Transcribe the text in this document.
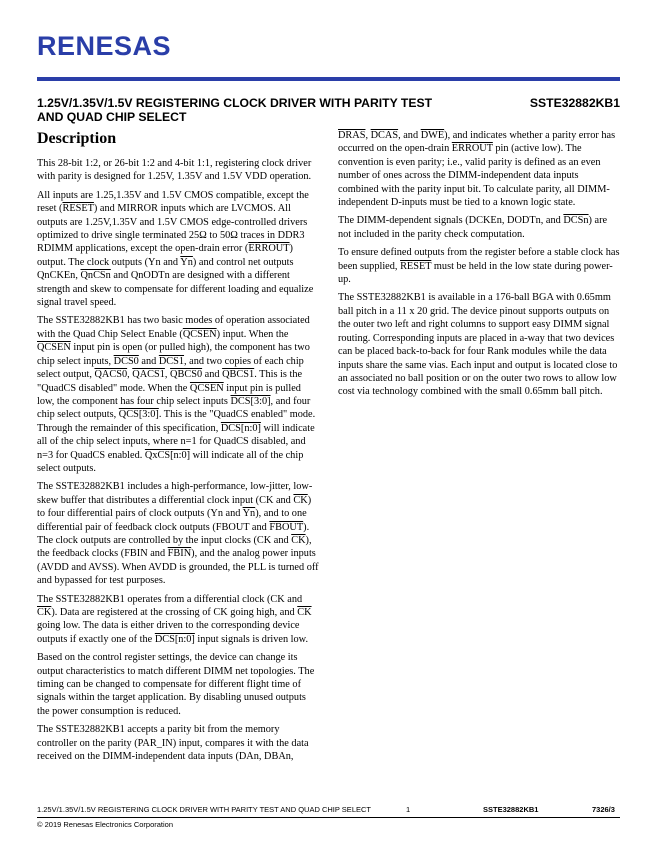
RENESAS
1.25V/1.35V/1.5V REGISTERING CLOCK DRIVER WITH PARITY TEST AND QUAD CHIP SELECT
SSTE32882KB1
Description

This 28-bit 1:2, or 26-bit 1:2 and 4-bit 1:1, registering clock driver with parity is designed for 1.25V, 1.35V and 1.5V VDD operation.

All inputs are 1.25,1.35V and 1.5V CMOS compatible, except the reset (RESET) and MIRROR inputs which are LVCMOS. All outputs are 1.25V,1.35V and 1.5V CMOS edge-controlled drivers optimized to drive single terminated 25Ω to 50Ω traces in DDR3 RDIMM applications, except the open-drain error (ERROUT) output. The clock outputs (Yn and $\overline{Yn}$) and control net outputs QnCKEn, QnCSn and QnODTn are designed with a different strength and skew to compensate for different loading and equalize signal travel speed.

The SSTE32882KB1 has two basic modes of operation associated with the Quad Chip Select Enable (QCSEN) input. When the QCSEN input pin is open (or pulled high), the component has two chip select inputs, DCS0 and DCS1, and two copies of each chip select output, QACS0, QACS1, QBCS0 and QBCS1. This is the "QuadCS disabled" mode. When the QCSEN input pin is pulled low, the component has four chip select inputs DCS[3:0], and four chip select outputs, QCS[3:0]. This is the "QuadCS enabled" mode. Through the remainder of this specification, DCS[n:0] will indicate all of the chip select inputs, where n=1 for QuadCS disabled, and n=3 for QuadCS enabled. QxCS[n:0] will indicate all of the chip select outputs.

The SSTE32882KB1 includes a high-performance, low-jitter, low-skew buffer that distributes a differential clock input (CK and $\overline{CK}$) to four differential pairs of clock outputs (Yn and $\overline{Yn}$), and to one differential pair of feedback clock outputs (FBOUT and FBOUT). The clock outputs are controlled by the input clocks (CK and $\overline{CK}$), the feedback clocks (FBIN and FBIN), and the analog power inputs (AVDD and AVSS). When AVDD is grounded, the PLL is turned off and bypassed for test purposes.

The SSTE32882KB1 operates from a differential clock (CK and $\overline{CK}$). Data are registered at the crossing of CK going high, and $\overline{CK}$ going low. The data is either driven to the corresponding device outputs if exactly one of the DCS[n:0] input signals is driven low.

Based on the control register settings, the device can change its output characteristics to match different DIMM net topologies. The timing can be changed to compensate for different flight time of signals within the target application. By disabling unused outputs the power consumption is reduced.

The SSTE32882KB1 accepts a parity bit from the memory controller on the parity (PAR_IN) input, compares it with the data received on the DIMM-independent data inputs (DAn, DBAn,

DRAS, DCAS, and $\overline{DWE}$), and indicates whether a parity error has occurred on the open-drain ERROUT pin (active low). The convention is even parity; i.e., valid parity is defined as an even number of ones across the DIMM-independent data inputs combined with the parity input bit. To calculate parity, all DIMM-independent D-inputs must be tied to a known logic state.

The DIMM-dependent signals (DCKEn, DODTn, and DCSn) are not included in the parity check computation.

To ensure defined outputs from the register before a stable clock has been supplied, RESET must be held in the low state during power-up.

The SSTE32882KB1 is available in a 176-ball BGA with 0.65mm ball pitch in a 11 x 20 grid. The device pinout supports outputs on the outer two left and right columns to support easy DIMM signal routing. Corresponding inputs are placed in a-way that two devices can be placed back-to-back for four Rank modules while the data inputs share the same vias. Each input and output is located close to an associated no ball position or on the outer two rows to allow low cost via technology combined with the small 0.65mm ball pitch.

1.25V/1.35V/1.5V REGISTERING CLOCK DRIVER WITH PARITY TEST AND QUAD CHIP SELECT	1	SSTE32882KB1	7326/3
© 2019 Renesas Electronics Corporation
